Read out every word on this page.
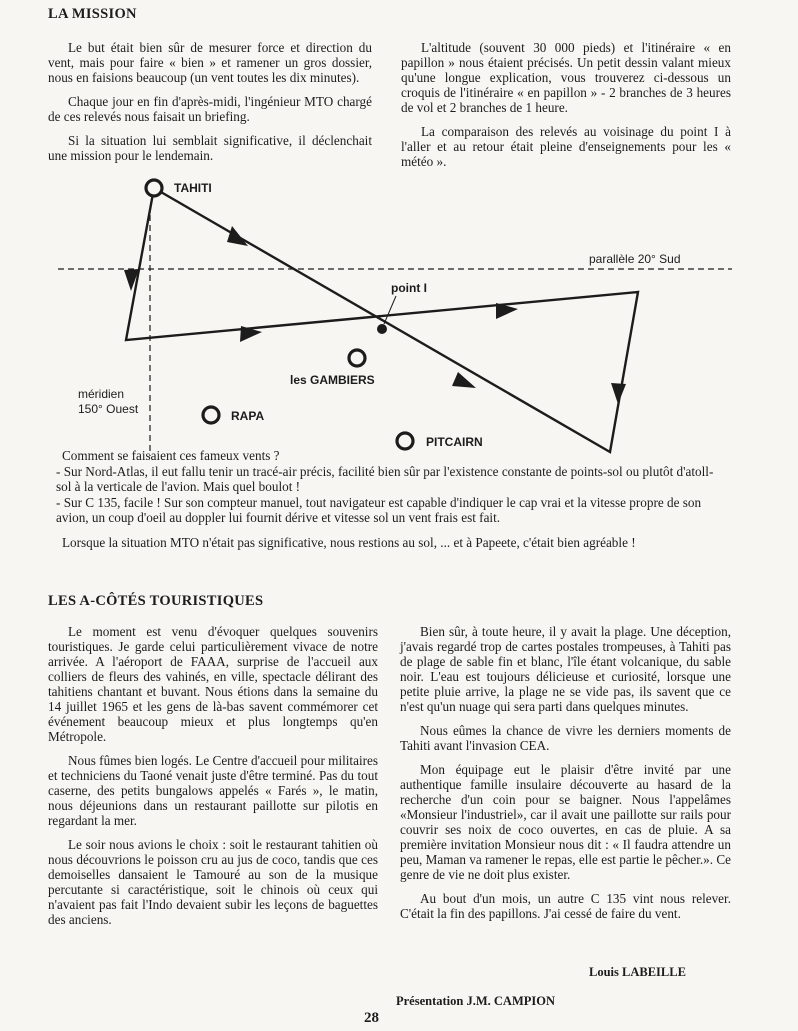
LA MISSION

Le but était bien sûr de mesurer force et direction du vent, mais pour faire « bien » et ramener un gros dossier, nous en faisions beaucoup (un vent toutes les dix minutes).

Chaque jour en fin d'après-midi, l'ingénieur MTO chargé de ces relevés nous faisait un briefing.

Si la situation lui semblait significative, il déclenchait une mission pour le lendemain.

L'altitude (souvent 30 000 pieds) et l'itinéraire « en papillon » nous étaient précisés. Un petit dessin valant mieux qu'une longue explication, vous trouverez ci-dessous un croquis de l'itinéraire « en papillon » - 2 branches de 3 heures de vol et 2 branches de 1 heure.

La comparaison des relevés au voisinage du point I à l'aller et au retour était pleine d'enseignements pour les « météo ».

TAHITI
parallèle 20° Sud
point I
les GAMBIERS
méridien
150° Ouest	RAPA
PITCAIRN

Comment se faisaient ces fameux vents ?

- Sur Nord-Atlas, il eut fallu tenir un tracé-air précis, facilité bien sûr par l'existence constante de points-sol ou plutôt d'atoll-sol à la verticale de l'avion. Mais quel boulot !

- Sur C 135, facile ! Sur son compteur manuel, tout navigateur est capable d'indiquer le cap vrai et la vitesse propre de son avion, un coup d'oeil au doppler lui fournit dérive et vitesse sol un vent frais est fait.

Lorsque la situation MTO n'était pas significative, nous restions au sol, ... et à Papeete, c'était bien agréable !

LES A-CÔTÉS TOURISTIQUES

Le moment est venu d'évoquer quelques souvenirs touristiques. Je garde celui particulièrement vivace de notre arrivée. A l'aéroport de FAAA, surprise de l'accueil aux colliers de fleurs des vahinés, en ville, spectacle délirant des tahitiens chantant et buvant. Nous étions dans la semaine du 14 juillet 1965 et les gens de là-bas savent commémorer cet événement beaucoup mieux et plus longtemps qu'en Métropole.

Nous fûmes bien logés. Le Centre d'accueil pour militaires et techniciens du Taoné venait juste d'être terminé. Pas du tout caserne, des petits bungalows appelés « Farés », le matin, nous déjeunions dans un restaurant paillotte sur pilotis en regardant la mer.

Le soir nous avions le choix : soit le restaurant tahitien où nous découvrions le poisson cru au jus de coco, tandis que ces demoiselles dansaient le Tamouré au son de la musique percutante si caractéristique, soit le chinois où ceux qui n'avaient pas fait l'Indo devaient subir les leçons de baguettes des anciens.

Bien sûr, à toute heure, il y avait la plage. Une déception, j'avais regardé trop de cartes postales trompeuses, à Tahiti pas de plage de sable fin et blanc, l'île étant volcanique, du sable noir. L'eau est toujours délicieuse et curiosité, lorsque une petite pluie arrive, la plage ne se vide pas, ils savent que ce n'est qu'un nuage qui sera parti dans quelques minutes.

Nous eûmes la chance de vivre les derniers moments de Tahiti avant l'invasion CEA.

Mon équipage eut le plaisir d'être invité par une authentique famille insulaire découverte au hasard de la recherche d'un coin pour se baigner. Nous l'appelâmes «Monsieur l'industriel», car il avait une paillotte sur rails pour couvrir ses noix de coco ouvertes, en cas de pluie. A sa première invitation Monsieur nous dit : « Il faudra attendre un peu, Maman va ramener le repas, elle est partie le pêcher.». Ce genre de vie ne doit plus exister.

Au bout d'un mois, un autre C 135 vint nous relever. C'était la fin des papillons. J'ai cessé de faire du vent.

Louis LABEILLE
Présentation J.M. CAMPION
28
